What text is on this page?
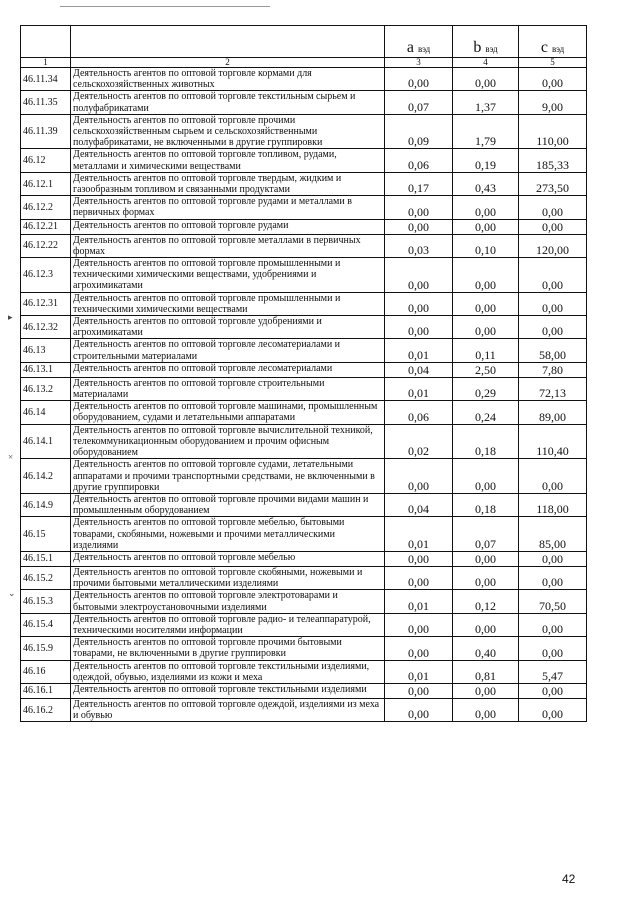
▸
×
⌄
		a вэд	b вэд	c вэд
1	2	3	4	5
46.11.34	Деятельность агентов по оптовой торговле кормами для сельскохозяйственных животных	0,00	0,00	0,00
46.11.35	Деятельность агентов по оптовой торговле текстильным сырьем и полуфабрикатами	0,07	1,37	9,00
46.11.39	Деятельность агентов по оптовой торговле прочими сельскохозяйственным сырьем и сельскохозяйственными полуфабрикатами, не включенными в другие группировки	0,09	1,79	110,00
46.12	Деятельность агентов по оптовой торговле топливом, рудами, металлами и химическими веществами	0,06	0,19	185,33
46.12.1	Деятельность агентов по оптовой торговле твердым, жидким и газообразным топливом и связанными продуктами	0,17	0,43	273,50
46.12.2	Деятельность агентов по оптовой торговле рудами и металлами в первичных формах	0,00	0,00	0,00
46.12.21	Деятельность агентов по оптовой торговле рудами	0,00	0,00	0,00
46.12.22	Деятельность агентов по оптовой торговле металлами в первичных формах	0,03	0,10	120,00
46.12.3	Деятельность агентов по оптовой торговле промышленными и техническими химическими веществами, удобрениями и агрохимикатами	0,00	0,00	0,00
46.12.31	Деятельность агентов по оптовой торговле промышленными и техническими химическими веществами	0,00	0,00	0,00
46.12.32	Деятельность агентов по оптовой торговле удобрениями и агрохимикатами	0,00	0,00	0,00
46.13	Деятельность агентов по оптовой торговле лесоматериалами и строительными материалами	0,01	0,11	58,00
46.13.1	Деятельность агентов по оптовой торговле лесоматериалами	0,04	2,50	7,80
46.13.2	Деятельность агентов по оптовой торговле строительными материалами	0,01	0,29	72,13
46.14	Деятельность агентов по оптовой торговле машинами, промышленным оборудованием, судами и летательными аппаратами	0,06	0,24	89,00
46.14.1	Деятельность агентов по оптовой торговле вычислительной техникой, телекоммуникационным оборудованием и прочим офисным оборудованием	0,02	0,18	110,40
46.14.2	Деятельность агентов по оптовой торговле судами, летательными аппаратами и прочими транспортными средствами, не включенными в другие группировки	0,00	0,00	0,00
46.14.9	Деятельность агентов по оптовой торговле прочими видами машин и промышленным оборудованием	0,04	0,18	118,00
46.15	Деятельность агентов по оптовой торговле мебелью, бытовыми товарами, скобяными, ножевыми и прочими металлическими изделиями	0,01	0,07	85,00
46.15.1	Деятельность агентов по оптовой торговле мебелью	0,00	0,00	0,00
46.15.2	Деятельность агентов по оптовой торговле скобяными, ножевыми и прочими бытовыми металлическими изделиями	0,00	0,00	0,00
46.15.3	Деятельность агентов по оптовой торговле электротоварами и бытовыми электроустановочными изделиями	0,01	0,12	70,50
46.15.4	Деятельность агентов по оптовой торговле радио- и телеаппаратурой, техническими носителями информации	0,00	0,00	0,00
46.15.9	Деятельность агентов по оптовой торговле прочими бытовыми товарами, не включенными в другие группировки	0,00	0,40	0,00
46.16	Деятельность агентов по оптовой торговле текстильными изделиями, одеждой, обувью, изделиями из кожи и меха	0,01	0,81	5,47
46.16.1	Деятельность агентов по оптовой торговле текстильными изделиями	0,00	0,00	0,00
46.16.2	Деятельность агентов по оптовой торговле одеждой, изделиями из меха и обувью	0,00	0,00	0,00
42
